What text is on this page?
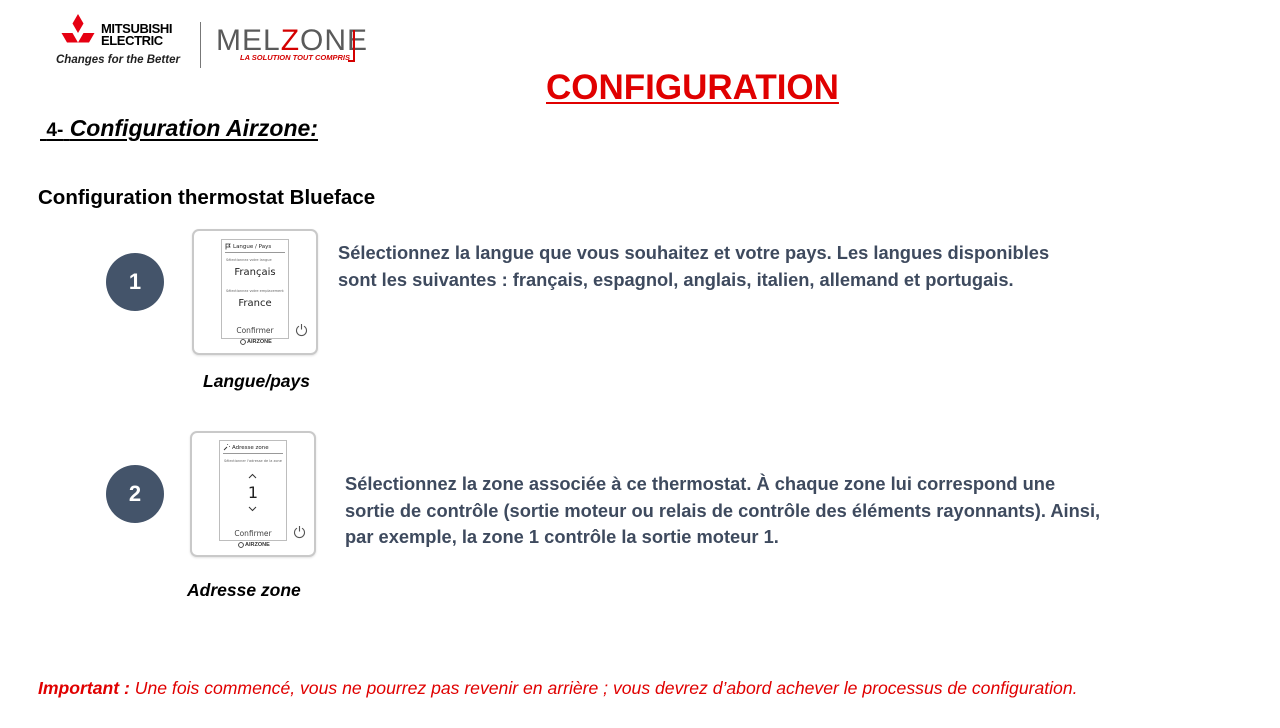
MITSUBISHI
ELECTRIC
Changes for the Better
MELZONE
LA SOLUTION TOUT COMPRIS
CONFIGURATION
4- Configuration Airzone:
Configuration thermostat Blueface
1
Langue / Pays
Sélectionnez votre langue
Français
Sélectionnez votre emplacement
France
Confirmer
AIRZONE
Langue/pays
Sélectionnez la langue que vous souhaitez et votre pays. Les langues disponibles sont les suivantes : français, espagnol, anglais, italien, allemand et portugais.
2
Adresse zone
Sélectionner l'adresse de la zone
1
Confirmer
AIRZONE
Adresse zone
Sélectionnez la zone associée à ce thermostat. À chaque zone lui correspond une sortie de contrôle (sortie moteur ou relais de contrôle des éléments rayonnants). Ainsi, par exemple, la zone 1 contrôle la sortie moteur 1.
Important : Une fois commencé, vous ne pourrez pas revenir en arrière ; vous devrez d’abord achever le processus de configuration.
